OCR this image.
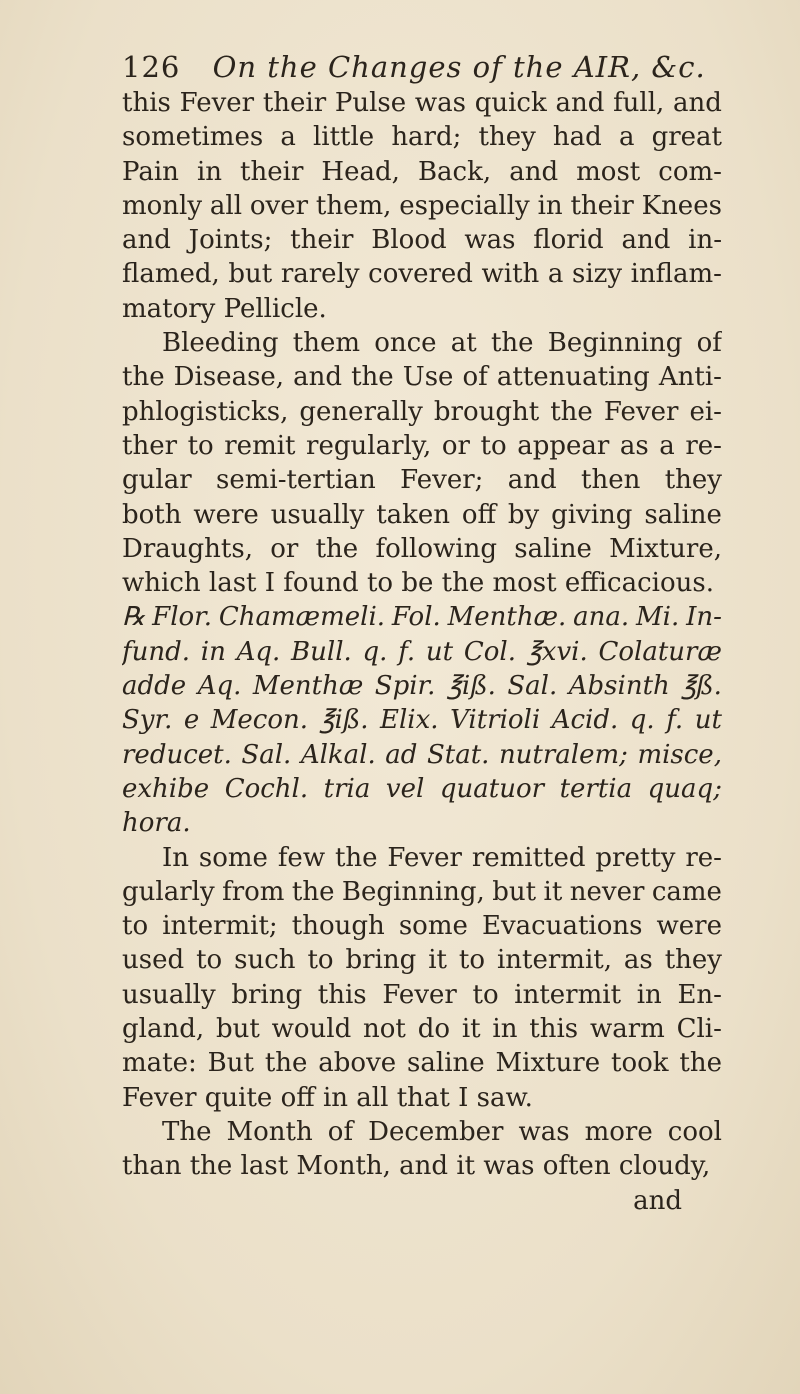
126 On the Changes of the AIR, &c.
this Fever their Pulse was quick and full, and
sometimes a little hard; they had a great
Pain in their Head, Back, and most com-
monly all over them, especially in their Knees
and Joints; their Blood was florid and in-
flamed, but rarely covered with a sizy inflam-
matory Pellicle.
Bleeding them once at the Beginning of
the Disease, and the Use of attenuating Anti-
phlogisticks, generally brought the Fever ei-
ther to remit regularly, or to appear as a re-
gular semi-tertian Fever; and then they
both were usually taken off by giving saline
Draughts, or the following saline Mixture,
which last I found to be the most efficacious.
℞ Flor. Chamæmeli. Fol. Menthæ. ana. Mi. In-
fund. in Aq. Bull. q. f. ut Col. ℥xvi. Colaturæ
adde Aq. Menthæ Spir. ℥iß. Sal. Absinth ℥ß.
Syr. e Mecon. ℥iß. Elix. Vitrioli Acid. q. f. ut
reducet. Sal. Alkal. ad Stat. nutralem; misce,
exhibe Cochl. tria vel quatuor tertia quaq;
hora.
In some few the Fever remitted pretty re-
gularly from the Beginning, but it never came
to intermit; though some Evacuations were
used to such to bring it to intermit, as they
usually bring this Fever to intermit in En-
gland, but would not do it in this warm Cli-
mate: But the above saline Mixture took the
Fever quite off in all that I saw.
The Month of December was more cool
than the last Month, and it was often cloudy,
and
